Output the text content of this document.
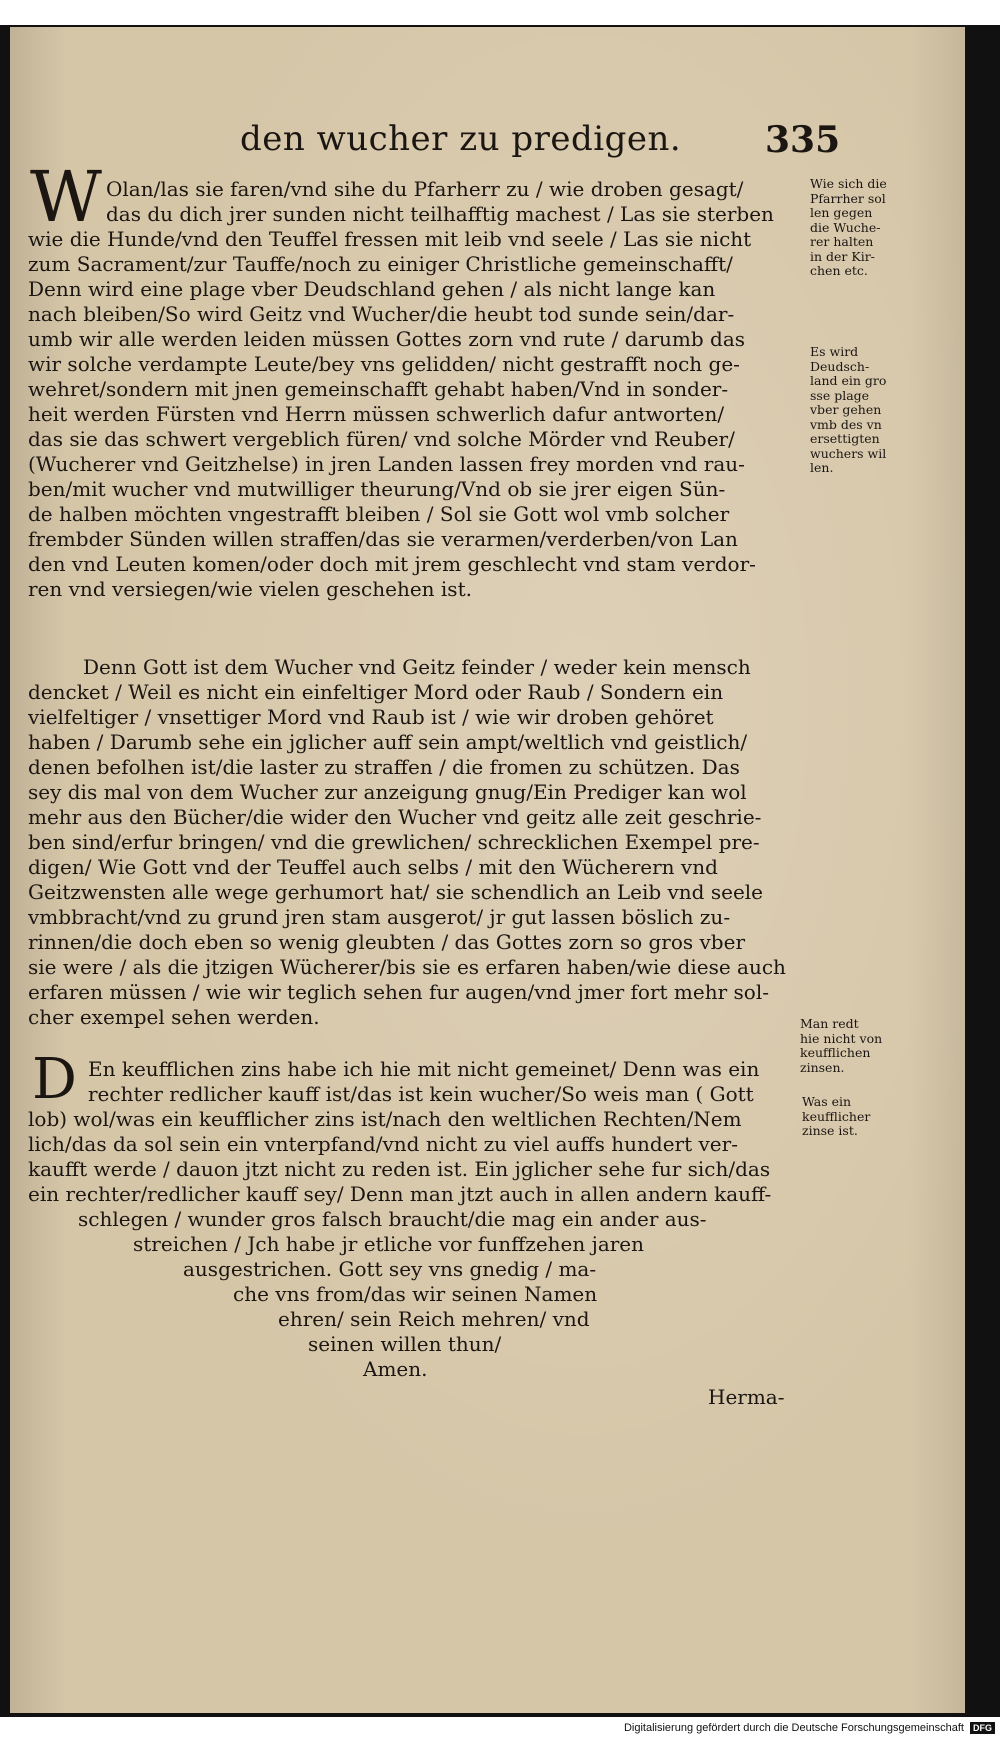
den wucher zu predigen. 335
W Olan/las sie faren/vnd sihe du Pfarherr zu / wie droben gesagt/
das du dich jrer sunden nicht teilhafftig machest / Las sie sterben
wie die Hunde/vnd den Teuffel fressen mit leib vnd seele / Las sie nicht
zum Sacrament/zur Tauffe/noch zu einiger Christliche gemeinschafft/
Denn wird eine plage vber Deudschland gehen / als nicht lange kan
nach bleiben/So wird Geitz vnd Wucher/die heubt tod sunde sein/dar-
umb wir alle werden leiden müssen Gottes zorn vnd rute / darumb das
wir solche verdampte Leute/bey vns gelidden/ nicht gestrafft noch ge-
wehret/sondern mit jnen gemeinschafft gehabt haben/Vnd in sonder-
heit werden Fürsten vnd Herrn müssen schwerlich dafur antworten/
das sie das schwert vergeblich füren/ vnd solche Mörder vnd Reuber/
(Wucherer vnd Geitzhelse) in jren Landen lassen frey morden vnd rau-
ben/mit wucher vnd mutwilliger theurung/Vnd ob sie jrer eigen Sün-
de halben möchten vngestrafft bleiben / Sol sie Gott wol vmb solcher
frembder Sünden willen straffen/das sie verarmen/verderben/von Lan
den vnd Leuten komen/oder doch mit jrem geschlecht vnd stam verdor-
ren vnd versiegen/wie vielen geschehen ist.
Denn Gott ist dem Wucher vnd Geitz feinder / weder kein mensch
dencket / Weil es nicht ein einfeltiger Mord oder Raub / Sondern ein
vielfeltiger / vnsettiger Mord vnd Raub ist / wie wir droben gehöret
haben / Darumb sehe ein jglicher auff sein ampt/weltlich vnd geistlich/
denen befolhen ist/die laster zu straffen / die fromen zu schützen. Das
sey dis mal von dem Wucher zur anzeigung gnug/Ein Prediger kan wol
mehr aus den Bücher/die wider den Wucher vnd geitz alle zeit geschrie-
ben sind/erfur bringen/ vnd die grewlichen/ schrecklichen Exempel pre-
digen/ Wie Gott vnd der Teuffel auch selbs / mit den Wücherern vnd
Geitzwensten alle wege gerhumort hat/ sie schendlich an Leib vnd seele
vmbbracht/vnd zu grund jren stam ausgerot/ jr gut lassen böslich zu-
rinnen/die doch eben so wenig gleubten / das Gottes zorn so gros vber
sie were / als die jtzigen Wücherer/bis sie es erfaren haben/wie diese auch
erfaren müssen / wie wir teglich sehen fur augen/vnd jmer fort mehr sol-
cher exempel sehen werden.
En keufflichen zins habe ich hie mit nicht gemeinet/ Denn was ein
rechter redlicher kauff ist/das ist kein wucher/So weis man ( Gott
lob) wol/was ein keufflicher zins ist/nach den weltlichen Rechten/Nem
lich/das da sol sein ein vnterpfand/vnd nicht zu viel auffs hundert ver-
kaufft werde / dauon jtzt nicht zu reden ist. Ein jglicher sehe fur sich/das
ein rechter/redlicher kauff sey/ Denn man jtzt auch in allen andern kauff-
schlegen / wunder gros falsch braucht/die mag ein ander aus-
streichen / Jch habe jr etliche vor funffzehen jaren
ausgestrichen. Gott sey vns gnedig / ma-
che vns from/das wir seinen Namen
ehren/ sein Reich mehren/ vnd
seinen willen thun/
Amen.
D
Herma-
Wie sich die
Pfarrher sol
len gegen
die Wuche-
rer halten
in der Kir-
chen etc.
Es wird
Deudsch-
land ein gro
sse plage
vber gehen
vmb des vn
ersettigten
wuchers wil
len.
Man redt
hie nicht von
keufflichen
zinsen.
Was ein
keufflicher
zinse ist.
Digitalisierung gefördert durch die Deutsche Forschungsgemeinschaft DFG
